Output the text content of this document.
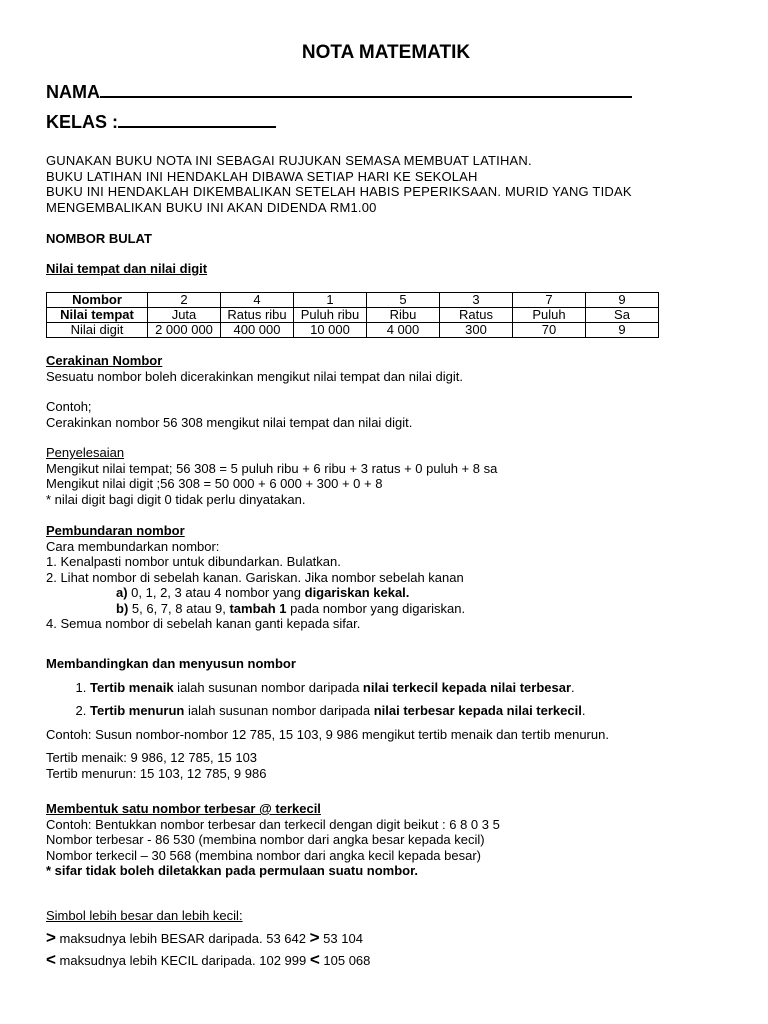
NOTA MATEMATIK
NAMA
KELAS :
GUNAKAN BUKU NOTA INI SEBAGAI RUJUKAN SEMASA MEMBUAT LATIHAN.
BUKU LATIHAN INI HENDAKLAH DIBAWA SETIAP HARI KE SEKOLAH
BUKU INI HENDAKLAH DIKEMBALIKAN SETELAH HABIS PEPERIKSAAN. MURID YANG TIDAK
MENGEMBALIKAN BUKU INI AKAN DIDENDA RM1.00
NOMBOR BULAT
Nilai tempat dan nilai digit
Nombor	2	4	1	5	3	7	9
Nilai tempat	Juta	Ratus ribu	Puluh ribu	Ribu	Ratus	Puluh	Sa
Nilai digit	2 000 000	400 000	10 000	4 000	300	70	9
Cerakinan Nombor
Sesuatu nombor boleh dicerakinkan mengikut nilai tempat dan nilai digit.
Contoh;
Cerakinkan nombor 56 308 mengikut nilai tempat dan nilai digit.
Penyelesaian
Mengikut nilai tempat; 56 308 = 5 puluh ribu + 6 ribu + 3 ratus + 0 puluh + 8 sa
Mengikut nilai digit ;56 308 = 50 000 + 6 000 + 300 + 0 + 8
* nilai digit bagi digit 0 tidak perlu dinyatakan.
Pembundaran nombor
Cara membundarkan nombor:
1. Kenalpasti nombor untuk dibundarkan. Bulatkan.
2. Lihat nombor di sebelah kanan. Gariskan. Jika nombor sebelah kanan
a) 0, 1, 2, 3 atau 4 nombor yang digariskan kekal.
b) 5, 6, 7, 8 atau 9, tambah 1 pada nombor yang digariskan.
4. Semua nombor di sebelah kanan ganti kepada sifar.
Membandingkan dan menyusun nombor
1. Tertib menaik ialah susunan nombor daripada nilai terkecil kepada nilai terbesar.
2. Tertib menurun ialah susunan nombor daripada nilai terbesar kepada nilai terkecil.
Contoh: Susun nombor-nombor 12 785, 15 103, 9 986 mengikut tertib menaik dan tertib menurun.
Tertib menaik: 9 986, 12 785, 15 103
Tertib menurun: 15 103, 12 785, 9 986
Membentuk satu nombor terbesar @ terkecil
Contoh: Bentukkan nombor terbesar dan terkecil dengan digit beikut : 6 8 0 3 5
Nombor terbesar - 86 530 (membina nombor dari angka besar kepada kecil)
Nombor terkecil – 30 568 (membina nombor dari angka kecil kepada besar)
* sifar tidak boleh diletakkan pada permulaan suatu nombor.
Simbol lebih besar dan lebih kecil:
> maksudnya lebih BESAR daripada. 53 642 > 53 104
< maksudnya lebih KECIL daripada. 102 999 < 105 068
